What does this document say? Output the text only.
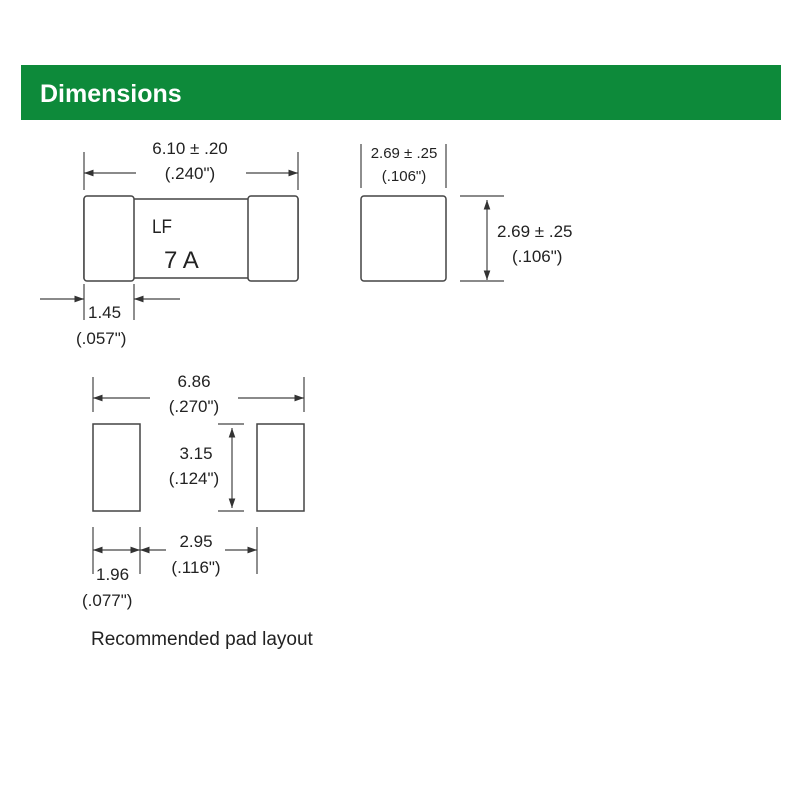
Dimensions
LF
7 A
6.10 ± .20
(.240")
1.45
(.057")
2.69 ± .25
(.106")
2.69 ± .25
(.106")
6.86
(.270")
3.15
(.124")
2.95
(.116")
1.96
(.077")
Recommended pad layout
